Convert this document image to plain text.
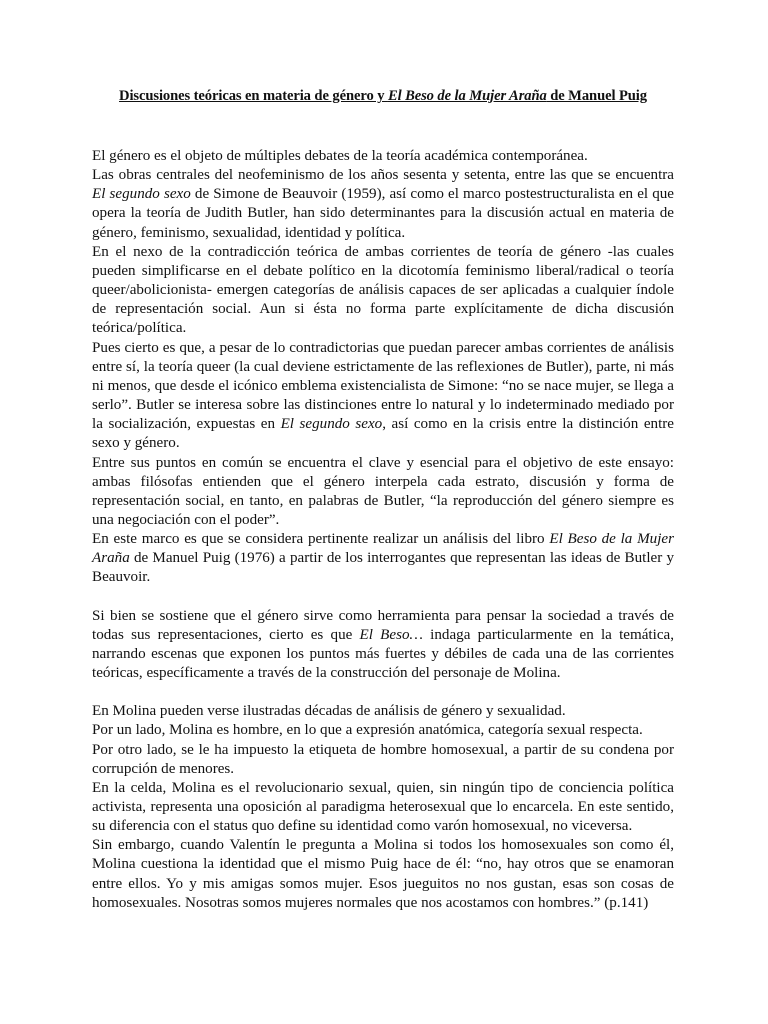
Discusiones teóricas en materia de género y El Beso de la Mujer Araña de Manuel Puig

El género es el objeto de múltiples debates de la teoría académica contemporánea.

Las obras centrales del neofeminismo de los años sesenta y setenta, entre las que se encuentra El segundo sexo de Simone de Beauvoir (1959), así como el marco postestructuralista en el que opera la teoría de Judith Butler, han sido determinantes para la discusión actual en materia de género, feminismo, sexualidad, identidad y política.

En el nexo de la contradicción teórica de ambas corrientes de teoría de género -las cuales pueden simplificarse en el debate político en la dicotomía feminismo liberal/radical o teoría queer/abolicionista- emergen categorías de análisis capaces de ser aplicadas a cualquier índole de representación social. Aun si ésta no forma parte explícitamente de dicha discusión teórica/política.

Pues cierto es que, a pesar de lo contradictorias que puedan parecer ambas corrientes de análisis entre sí, la teoría queer (la cual deviene estrictamente de las reflexiones de Butler), parte, ni más ni menos, que desde el icónico emblema existencialista de Simone: “no se nace mujer, se llega a serlo”. Butler se interesa sobre las distinciones entre lo natural y lo indeterminado mediado por la socialización, expuestas en El segundo sexo, así como en la crisis entre la distinción entre sexo y género.

Entre sus puntos en común se encuentra el clave y esencial para el objetivo de este ensayo: ambas filósofas entienden que el género interpela cada estrato, discusión y forma de representación social, en tanto, en palabras de Butler, “la reproducción del género siempre es una negociación con el poder”.

En este marco es que se considera pertinente realizar un análisis del libro El Beso de la Mujer Araña de Manuel Puig (1976) a partir de los interrogantes que representan las ideas de Butler y Beauvoir.

Si bien se sostiene que el género sirve como herramienta para pensar la sociedad a través de todas sus representaciones, cierto es que El Beso… indaga particularmente en la temática, narrando escenas que exponen los puntos más fuertes y débiles de cada una de las corrientes teóricas, específicamente a través de la construcción del personaje de Molina.

En Molina pueden verse ilustradas décadas de análisis de género y sexualidad.

Por un lado, Molina es hombre, en lo que a expresión anatómica, categoría sexual respecta.

Por otro lado, se le ha impuesto la etiqueta de hombre homosexual, a partir de su condena por corrupción de menores.

En la celda, Molina es el revolucionario sexual, quien, sin ningún tipo de conciencia política activista, representa una oposición al paradigma heterosexual que lo encarcela. En este sentido, su diferencia con el status quo define su identidad como varón homosexual, no viceversa.

Sin embargo, cuando Valentín le pregunta a Molina si todos los homosexuales son como él, Molina cuestiona la identidad que el mismo Puig hace de él: “no, hay otros que se enamoran entre ellos. Yo y mis amigas somos mujer. Esos jueguitos no nos gustan, esas son cosas de homosexuales. Nosotras somos mujeres normales que nos acostamos con hombres.” (p.141)
